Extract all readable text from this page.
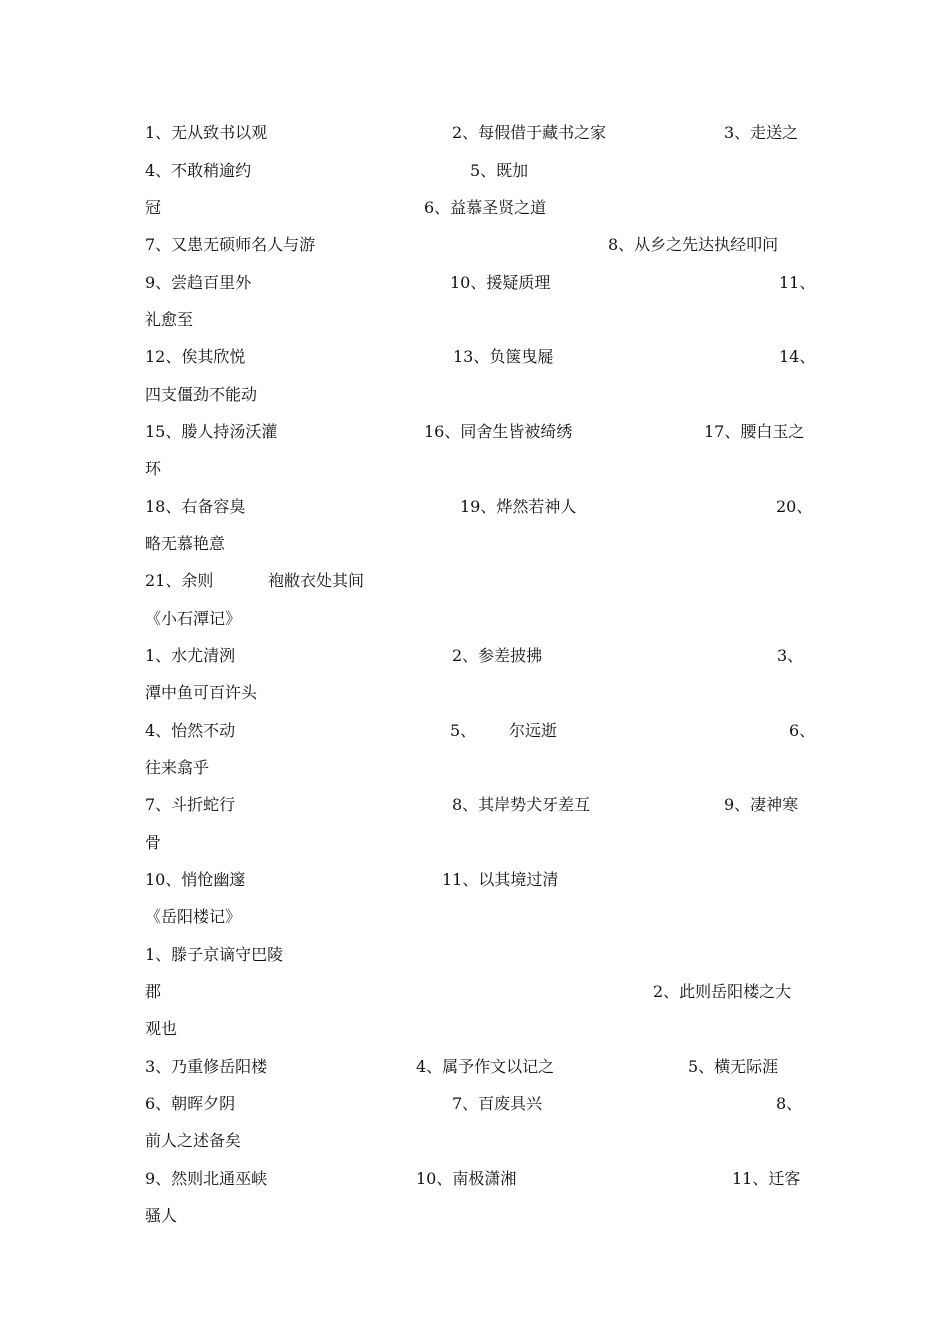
1、无从致书以观	2、每假借于藏书之家	3、走送之
4、不敢稍逾约	5、既加
冠	6、益慕圣贤之道
7、又患无硕师名人与游	8、从乡之先达执经叩问
9、尝趋百里外	10、援疑质理	11、
礼愈至
12、俟其欣悦	13、负箧曳屣	14、
四支僵劲不能动
15、媵人持汤沃灌	16、同舍生皆被绮绣	17、腰白玉之
环
18、右备容臭	19、烨然若神人	20、
略无慕艳意
21、余则	袍敝衣处其间
《小石潭记》
1、水尤清洌	2、参差披拂	3、
潭中鱼可百许头
4、怡然不动	5、 尔远逝	6、
往来翕乎
7、斗折蛇行	8、其岸势犬牙差互	9、凄神寒
骨
10、悄怆幽邃	11、以其境过清
《岳阳楼记》
1、滕子京谪守巴陵
郡	2、此则岳阳楼之大
观也
3、乃重修岳阳楼	4、属予作文以记之	5、横无际涯
6、朝晖夕阴	7、百废具兴	8、
前人之述备矣
9、然则北通巫峡	10、南极潇湘	11、迁客
骚人
